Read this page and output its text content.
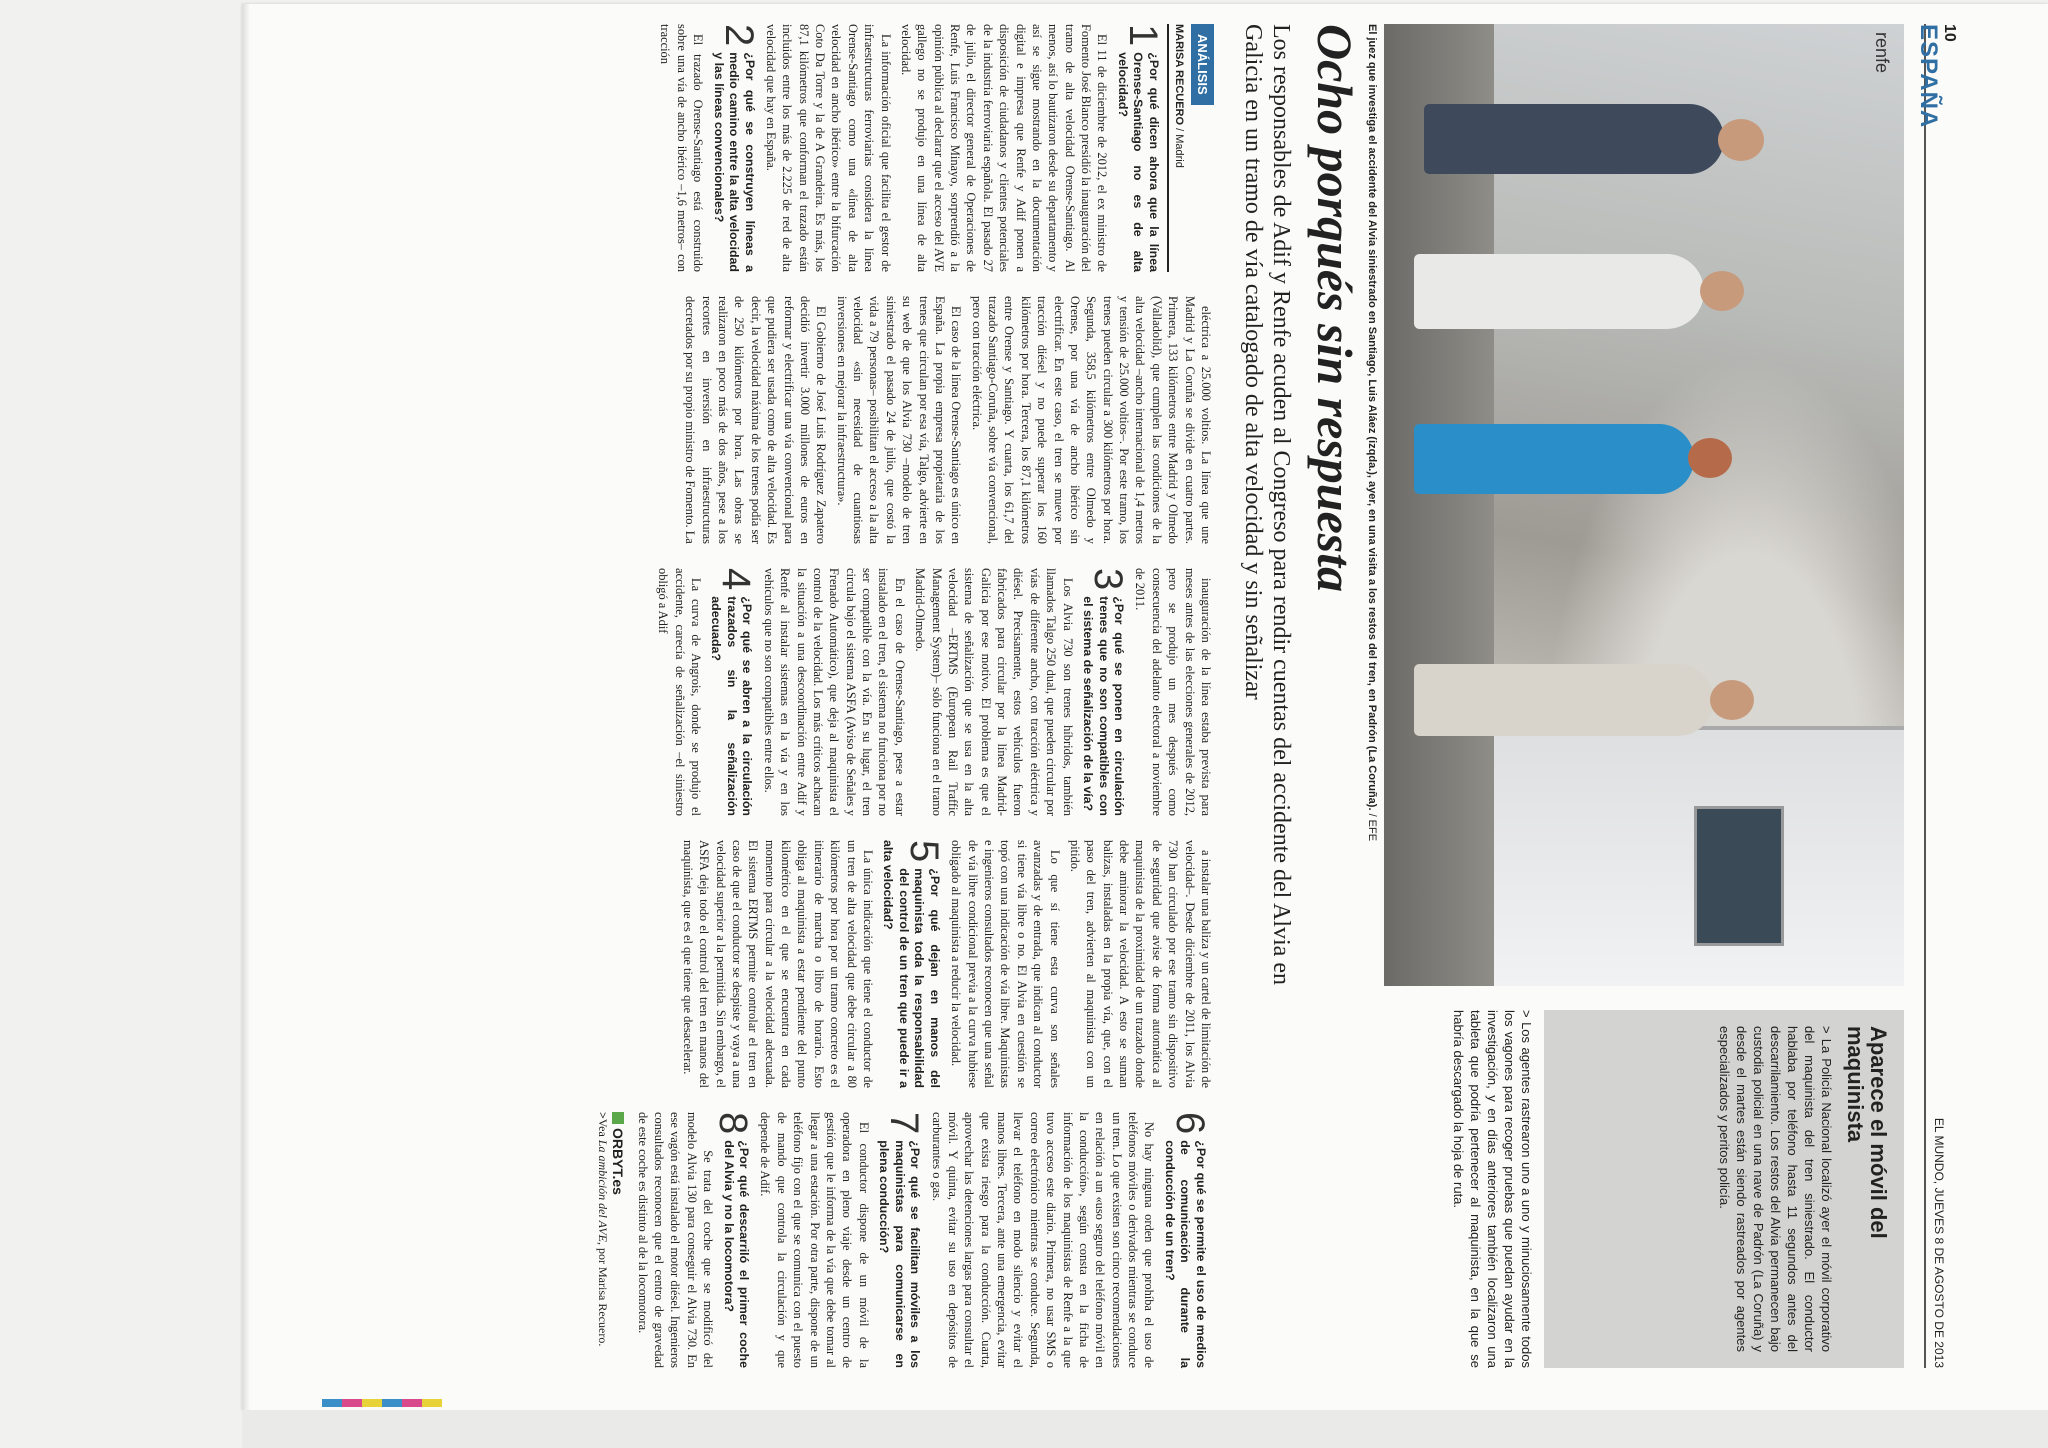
10
ESPAÑA
EL MUNDO, JUEVES 8 DE AGOSTO DE 2013
renfe
El juez que investiga el accidente del Alvia siniestrado en Santiago, Luis Aláez (izqda.), ayer, en una visita a los restos del tren, en Padrón (La Coruña). / EFE
Aparece el móvil del maquinista

> La Policía Nacional localizó ayer el móvil corporativo del maquinista del tren siniestrado. El conductor hablaba por teléfono hasta 11 segundos antes del descarrilamiento. Los restos del Alvia permanecen bajo custodia policial en una nave de Padrón (La Coruña) y desde el martes están siendo rastreados por agentes especializados y peritos policía.

> Los agentes rastrearon uno a uno y minuciosamente todos los vagones para recoger pruebas que puedan ayudar en la investigación, y en días anteriores también localizaron una tableta que podría pertenecer al maquinista, en la que se habría descargado la hoja de ruta.

Ocho porqués sin respuesta
Los responsables de Adif y Renfe acuden al Congreso para rendir cuentas del accidente del Alvia en Galicia en un tramo de vía catalogado de alta velocidad y sin señalizar
ANÁLISIS
MARISA RECUERO / Madrid
1
¿Por qué dicen ahora que la línea Orense-Santiago no es de alta velocidad?

El 11 de diciembre de 2012, el ex ministro de Fomento José Blanco presidió la inauguración del tramo de alta velocidad Orense-Santiago. Al menos, así lo bautizaron desde su departamento y así se sigue mostrando en la documentación digital e impresa que Renfe y Adif ponen a disposición de ciudadanos y clientes potenciales de la industria ferroviaria española. El pasado 27 de julio, el director general de Operaciones de Renfe, Luis Francisco Minayo, sorprendió a la opinión pública al declarar que el acceso del AVE gallego no se produjo en una línea de alta velocidad.

La información oficial que facilita el gestor de infraestructuras ferroviarias considera la línea Orense-Santiago como una «línea de alta velocidad en ancho ibérico» entre la bifurcación Coto Da Torre y la de A Grandeira. Es más, los 87,1 kilómetros que conforman el trazado están incluidos entre los más de 2.225 de red de alta velocidad que hay en España.

2
¿Por qué se construyen líneas a medio camino entre la alta velocidad y las líneas convencionales?

El trazado Orense-Santiago está construido sobre una vía de ancho ibérico –1,6 metros– con tracción

eléctrica a 25.000 voltios. La línea que une Madrid y La Coruña se divide en cuatro partes. Primera, 133 kilómetros entre Madrid y Olmedo (Valladolid), que cumplen las condiciones de la alta velocidad –ancho internacional de 1,4 metros y tensión de 25.000 voltios–. Por este tramo, los trenes pueden circular a 300 kilómetros por hora. Segunda, 358,5 kilómetros entre Olmedo y Orense, por una vía de ancho ibérico sin electrificar. En este caso, el tren se mueve por tracción diésel y no puede superar los 160 kilómetros por hora. Tercera, los 87,1 kilómetros entre Orense y Santiago. Y cuarta, los 61,7 del trazado Santiago-Coruña, sobre vía convencional, pero con tracción eléctrica.

El caso de la línea Orense-Santiago es único en España. La propia empresa propietaria de los trenes que circulan por esa vía, Talgo, advierte en su web de que los Alvia 730 –modelo de tren siniestrado el pasado 24 de julio, que costó la vida a 79 personas– posibilitan el acceso a la alta velocidad «sin necesidad de cuantiosas inversiones en mejorar la infraestructura».

El Gobierno de José Luis Rodríguez Zapatero decidió invertir 3.000 millones de euros en reformar y electrificar una vía convencional para que pudiera ser usada como de alta velocidad. Es decir, la velocidad máxima de los trenes podía ser de 250 kilómetros por hora. Las obras se realizaron en poco más de dos años, pese a los recortes en inversión en infraestructuras decretados por su propio ministro de Fomento. La

inauguración de la línea estaba prevista para meses antes de las elecciones generales de 2012, pero se produjo un mes después como consecuencia del adelanto electoral a noviembre de 2011.

3
¿Por qué se ponen en circulación trenes que no son compatibles con el sistema de señalización de la vía?

Los Alvia 730 son trenes híbridos, también llamados Talgo 250 dual, que pueden circular por vías de diferente ancho, con tracción eléctrica y diésel. Precisamente, estos vehículos fueron fabricados para circular por la línea Madrid-Galicia por ese motivo. El problema es que el sistema de señalización que se usa en la alta velocidad –ERTMS (European Rail Traffic Management System)– sólo funciona en el tramo Madrid-Olmedo.

En el caso de Orense-Santiago, pese a estar instalado en el tren, el sistema no funciona por no ser compatible con la vía. En su lugar, el tren circula bajo el sistema ASFA (Aviso de Señales y Frenado Automático), que deja al maquinista el control de la velocidad. Los más críticos achacan la situación a una descoordinación entre Adif y Renfe al instalar sistemas en la vía y en los vehículos que no son compatibles entre ellos.

4
¿Por qué se abren a la circulación trazados sin la señalización adecuada?

La curva de Angrois, donde se produjo el accidente, carecía de señalización –el siniestro obligó a Adif

a instalar una baliza y un cartel de limitación de velocidad–. Desde diciembre de 2011, los Alvia 730 han circulado por ese tramo sin dispositivo de seguridad que avise de forma automática al maquinista de la proximidad de un trazado donde debe aminorar la velocidad. A esto se suman balizas, instaladas en la propia vía, que, con el paso del tren, advierten al maquinista con un pitido.

Lo que sí tiene esta curva son señales avanzadas y de entrada, que indican al conductor si tiene vía libre o no. El Alvia en cuestión se topó con una indicación de vía libre. Maquinistas e ingenieros consultados reconocen que una señal de vía libre condicional previa a la curva hubiese obligado al maquinista a reducir la velocidad.

5
¿Por qué dejan en manos del maquinista toda la responsabilidad del control de un tren que puede ir a alta velocidad?

La única indicación que tiene el conductor de un tren de alta velocidad que debe circular a 80 kilómetros por hora por un tramo concreto es el itinerario de marcha o libro de horario. Esto obliga al maquinista a estar pendiente del punto kilométrico en el que se encuentra en cada momento para circular a la velocidad adecuada. El sistema ERTMS permite controlar el tren en caso de que el conductor se despiste y vaya a una velocidad superior a la permitida. Sin embargo, el ASFA deja todo el control del tren en manos del maquinista, que es el que tiene que desacelerar.

6
¿Por qué se permite el uso de medios de comunicación durante la conducción de un tren?

No hay ninguna orden que prohíba el uso de teléfonos móviles o derivados mientras se conduce un tren. Lo que existen son cinco recomendaciones en relación a un «uso seguro del teléfono móvil en la conducción», según consta en la ficha de información de los maquinistas de Renfe a la que tuvo acceso este diario. Primera, no usar SMS o correo electrónico mientras se conduce. Segunda, llevar el teléfono en modo silencio y evitar el manos libres. Tercera, ante una emergencia, evitar que exista riesgo para la conducción. Cuarta, aprovechar las detenciones largas para consultar el móvil. Y quinta, evitar su uso en depósitos de carburantes o gas.

7
¿Por qué se facilitan móviles a los maquinistas para comunicarse en plena conducción?

El conductor dispone de un móvil de la operadora en pleno viaje desde un centro de gestión que le informa de la vía que debe tomar al llegar a una estación. Por otra parte, dispone de un teléfono fijo con el que se comunica con el puesto de mando que controla la circulación y que depende de Adif.

8
¿Por qué descarriló el primer coche del Alvia y no la locomotora?

Se trata del coche que se modificó del modelo Alvia 130 para conseguir el Alvia 730. En ese vagón está instalado el motor diésel. Ingenieros consultados reconocen que el centro de gravedad de este coche es distinto al de la locomotora.

ORBYT.es
>Vea La ambición del AVE, por Marisa Recuero.
